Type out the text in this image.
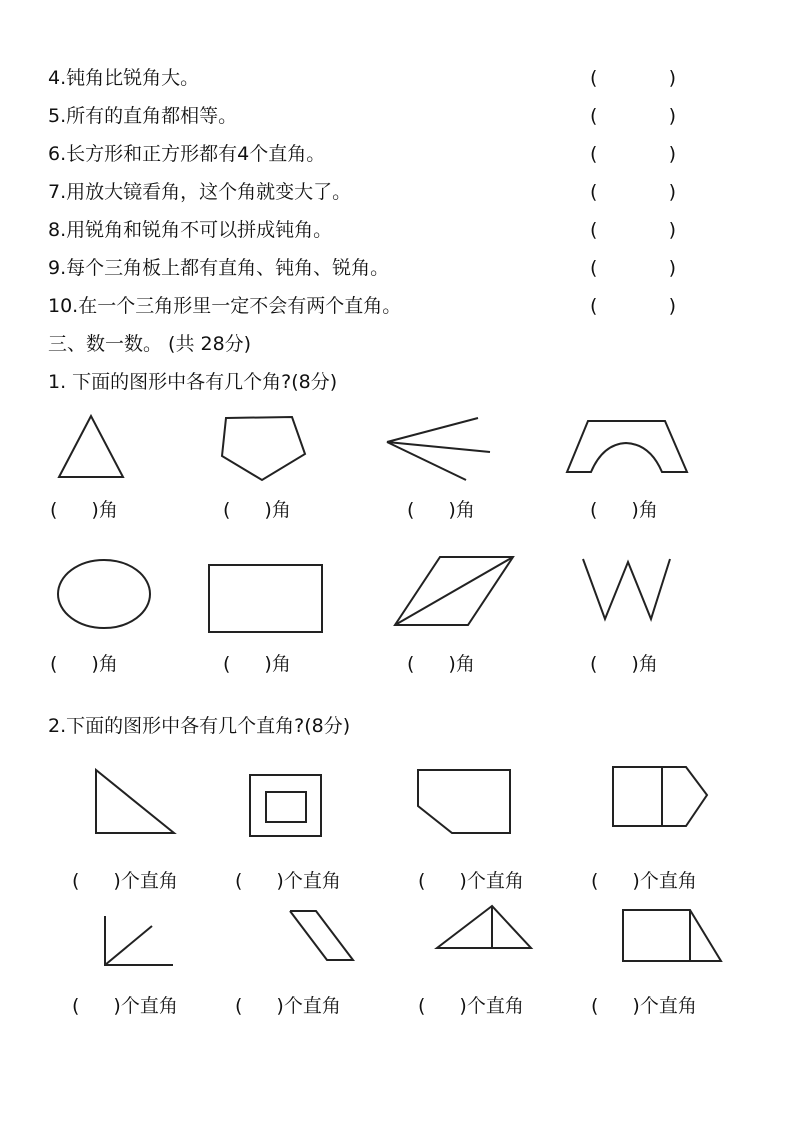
4.钝角比锐角大。	(	)
5.所有的直角都相等。	(	)
6.长方形和正方形都有4个直角。	(	)
7.用放大镜看角，这个角就变大了。	(	)
8.用锐角和锐角不可以拼成钝角。	(	)
9.每个三角板上都有直角、钝角、锐角。	(	)
10.在一个三角形里一定不会有两个直角。	(	)
三、数一数。 (共 28分)
1. 下面的图形中各有几个角?(8分)
2.下面的图形中各有几个直角?(8分)
( )角	( )角	( )角	( )角
( )角	( )角	( )角	( )角
( )个直角	( )个直角	( )个直角	( )个直角
( )个直角	( )个直角	( )个直角	( )个直角
